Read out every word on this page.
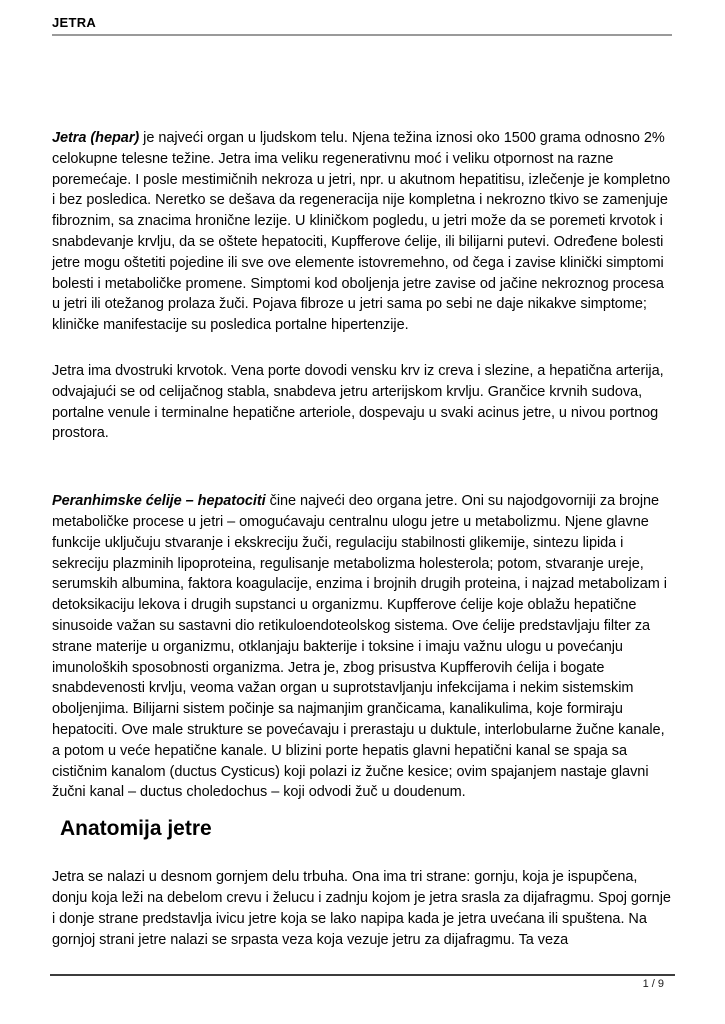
JETRA

Jetra (hepar) je najveći organ u ljudskom telu. Njena težina iznosi oko 1500 grama odnosno 2% celokupne telesne težine. Jetra ima veliku regenerativnu moć i veliku otpornost na razne poremećaje. I posle mestimičnih nekroza u jetri, npr. u akutnom hepatitisu, izlečenje je kompletno i bez posledica. Neretko se dešava da regeneracija nije kompletna i nekrozno tkivo se zamenjuje fibroznim, sa znacima hronične lezije. U kliničkom pogledu, u jetri može da se poremeti krvotok i snabdevanje krvlju, da se oštete hepatociti, Kupfferove ćelije, ili bilijarni putevi. Određene bolesti jetre mogu oštetiti pojedine ili sve ove elemente istovremehno, od čega i zavise klinički simptomi bolesti i metaboličke promene. Simptomi kod oboljenja jetre zavise od jačine nekroznog procesa u jetri ili otežanog prolaza žuči. Pojava fibroze u jetri sama po sebi ne daje nikakve simptome; kliničke manifestacije su posledica portalne hipertenzije.

Jetra ima dvostruki krvotok. Vena porte dovodi vensku krv iz creva i slezine, a hepatična arterija, odvajajući se od celijačnog stabla, snabdeva jetru arterijskom krvlju. Grančice krvnih sudova, portalne venule i terminalne hepatične arteriole, dospevaju u svaki acinus jetre, u nivou portnog prostora.

Peranhimske ćelije – hepatociti čine najveći deo organa jetre. Oni su najodgovorniji za brojne metaboličke procese u jetri – omogućavaju centralnu ulogu jetre u metabolizmu. Njene glavne funkcije uključuju stvaranje i ekskreciju žuči, regulaciju stabilnosti glikemije, sintezu lipida i sekreciju plazminih lipoproteina, regulisanje metabolizma holesterola; potom, stvaranje ureje, serumskih albumina, faktora koagulacije, enzima i brojnih drugih proteina, i najzad metabolizam i detoksikaciju lekova i drugih supstanci u organizmu. Kupfferove ćelije koje oblažu hepatične sinusoide važan su sastavni dio retikuloendoteolskog sistema. Ove ćelije predstavljaju filter za strane materije u organizmu, otklanjaju bakterije i toksine i imaju važnu ulogu u povećanju imunoloških sposobnosti organizma. Jetra je, zbog prisustva Kupfferovih ćelija i bogate snabdevenosti krvlju, veoma važan organ u suprotstavljanju infekcijama i nekim sistemskim oboljenjima. Bilijarni sistem počinje sa najmanjim grančicama, kanalikulima, koje formiraju hepatociti. Ove male strukture se povećavaju i prerastaju u duktule, interlobularne žučne kanale, a potom u veće hepatične kanale. U blizini porte hepatis glavni hepatični kanal se spaja sa cističnim kanalom (ductus Cysticus) koji polazi iz žučne kesice; ovim spajanjem nastaje glavni žučni kanal – ductus choledochus – koji odvodi žuč u doudenum.

Anatomija jetre

Jetra se nalazi u desnom gornjem delu trbuha. Ona ima tri strane: gornju, koja je ispupčena, donju koja leži na debelom crevu i želucu i zadnju kojom je jetra srasla za dijafragmu. Spoj gornje i donje strane predstavlja ivicu jetre koja se lako napipa kada je jetra uvećana ili spuštena. Na gornjoj strani jetre nalazi se srpasta veza koja vezuje jetru za dijafragmu. Ta veza

1 / 9
